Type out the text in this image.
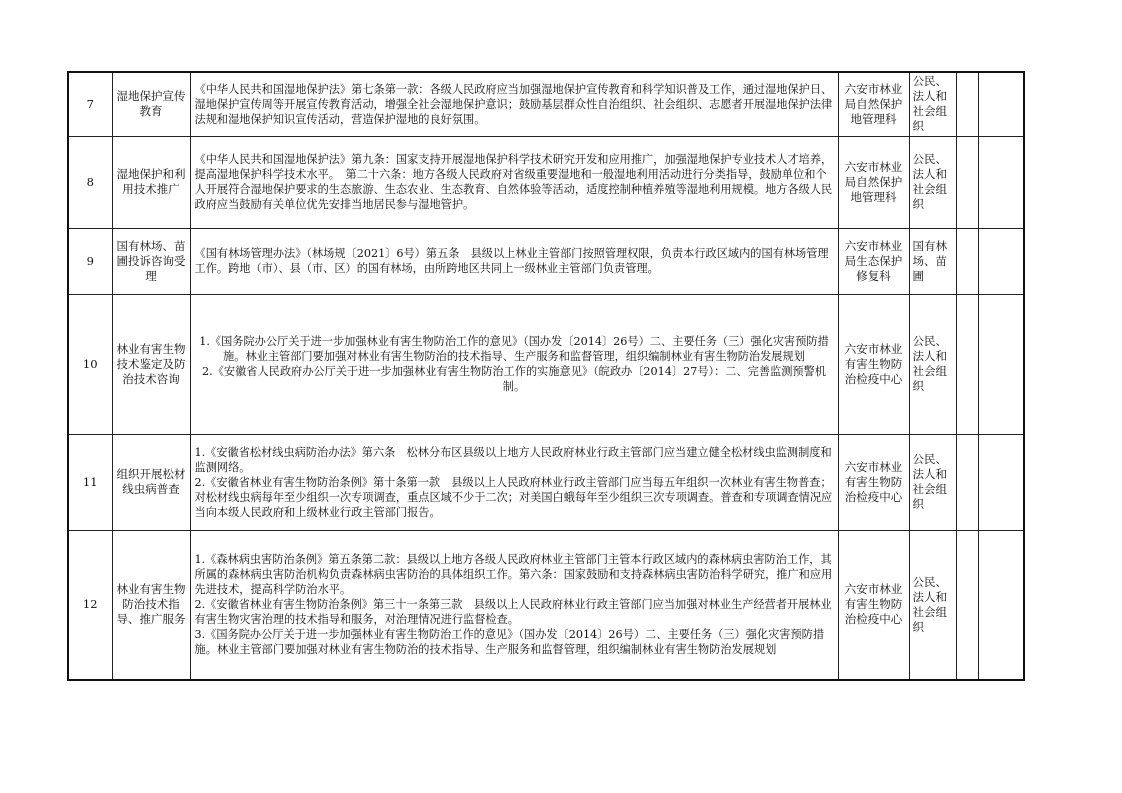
7	湿地保护宣传教育	《中华人民共和国湿地保护法》第七条第一款：各级人民政府应当加强湿地保护宣传教育和科学知识普及工作，通过湿地保护日、湿地保护宣传周等开展宣传教育活动，增强全社会湿地保护意识；鼓励基层群众性自治组织、社会组织、志愿者开展湿地保护法律法规和湿地保护知识宣传活动，营造保护湿地的良好氛围。	六安市林业局自然保护地管理科	公民、法人和社会组织		
8	湿地保护和利用技术推广	《中华人民共和国湿地保护法》第九条：国家支持开展湿地保护科学技术研究开发和应用推广，加强湿地保护专业技术人才培养，提高湿地保护科学技术水平。　第二十六条：地方各级人民政府对省级重要湿地和一般湿地利用活动进行分类指导，鼓励单位和个人开展符合湿地保护要求的生态旅游、生态农业、生态教育、自然体验等活动，适度控制种植养殖等湿地利用规模。地方各级人民政府应当鼓励有关单位优先安排当地居民参与湿地管护。	六安市林业局自然保护地管理科	公民、法人和社会组织		
9	国有林场、苗圃投诉咨询受理	《国有林场管理办法》（林场规〔2021〕6号）第五条　县级以上林业主管部门按照管理权限，负责本行政区域内的国有林场管理工作。跨地（市）、县（市、区）的国有林场，由所跨地区共同上一级林业主管部门负责管理。	六安市林业局生态保护修复科	国有林场、苗圃		
10	林业有害生物技术鉴定及防治技术咨询	1.《国务院办公厅关于进一步加强林业有害生物防治工作的意见》（国办发〔2014〕26号）二、主要任务（三）强化灾害预防措施。林业主管部门要加强对林业有害生物防治的技术指导、生产服务和监督管理，组织编制林业有害生物防治发展规划
2.《安徽省人民政府办公厅关于进一步加强林业有害生物防治工作的实施意见》（皖政办〔2014〕27号）：二、完善监测预警机制。	六安市林业有害生物防治检疫中心	公民、法人和社会组织		
11	组织开展松材线虫病普查	1.《安徽省松材线虫病防治办法》第六条　松林分布区县级以上地方人民政府林业行政主管部门应当建立健全松材线虫监测制度和监测网络。
2.《安徽省林业有害生物防治条例》第十条第一款　县级以上人民政府林业行政主管部门应当每五年组织一次林业有害生物普查；对松材线虫病每年至少组织一次专项调查，重点区域不少于二次；对美国白蛾每年至少组织三次专项调查。普查和专项调查情况应当向本级人民政府和上级林业行政主管部门报告。	六安市林业有害生物防治检疫中心	公民、法人和社会组织		
12	林业有害生物防治技术指导、推广服务	1.《森林病虫害防治条例》第五条第二款：县级以上地方各级人民政府林业主管部门主管本行政区域内的森林病虫害防治工作，其所属的森林病虫害防治机构负责森林病虫害防治的具体组织工作。第六条：国家鼓励和支持森林病虫害防治科学研究，推广和应用先进技术，提高科学防治水平。
2.《安徽省林业有害生物防治条例》第三十一条第三款　县级以上人民政府林业行政主管部门应当加强对林业生产经营者开展林业有害生物灾害治理的技术指导和服务，对治理情况进行监督检查。
3.《国务院办公厅关于进一步加强林业有害生物防治工作的意见》（国办发〔2014〕26号）二、主要任务（三）强化灾害预防措施。林业主管部门要加强对林业有害生物防治的技术指导、生产服务和监督管理，组织编制林业有害生物防治发展规划	六安市林业有害生物防治检疫中心	公民、法人和社会组织		
